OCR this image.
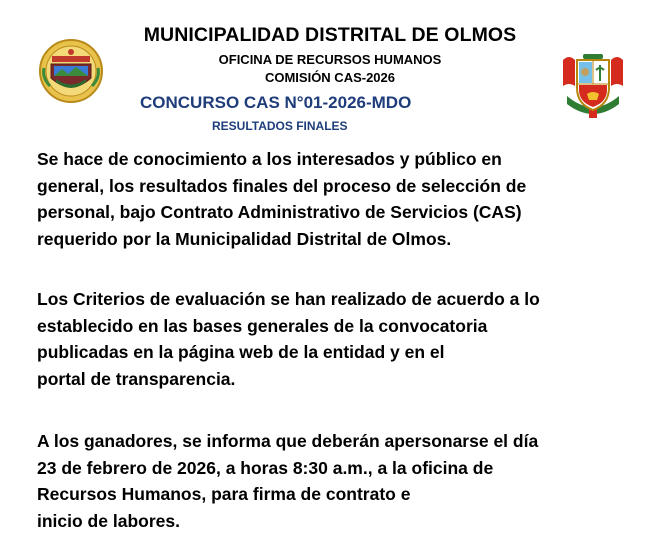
MUNICIPALIDAD DISTRITAL DE OLMOS
OFICINA DE RECURSOS HUMANOS
COMISIÓN CAS-2026
CONCURSO CAS N°01-2026-MDO
RESULTADOS FINALES
Se hace de conocimiento a los interesados y público en
general, los resultados finales del proceso de selección de
personal, bajo Contrato Administrativo de Servicios (CAS)
requerido por la Municipalidad Distrital de Olmos.
Los Criterios de evaluación se han realizado de acuerdo a lo
establecido en las bases generales de la convocatoria
publicadas en la página web de la entidad y en el
portal de transparencia.
A los ganadores, se informa que deberán apersonarse el día
23 de febrero de 2026, a horas 8:30 a.m., a la oficina de
Recursos Humanos, para firma de contrato e
inicio de labores.
